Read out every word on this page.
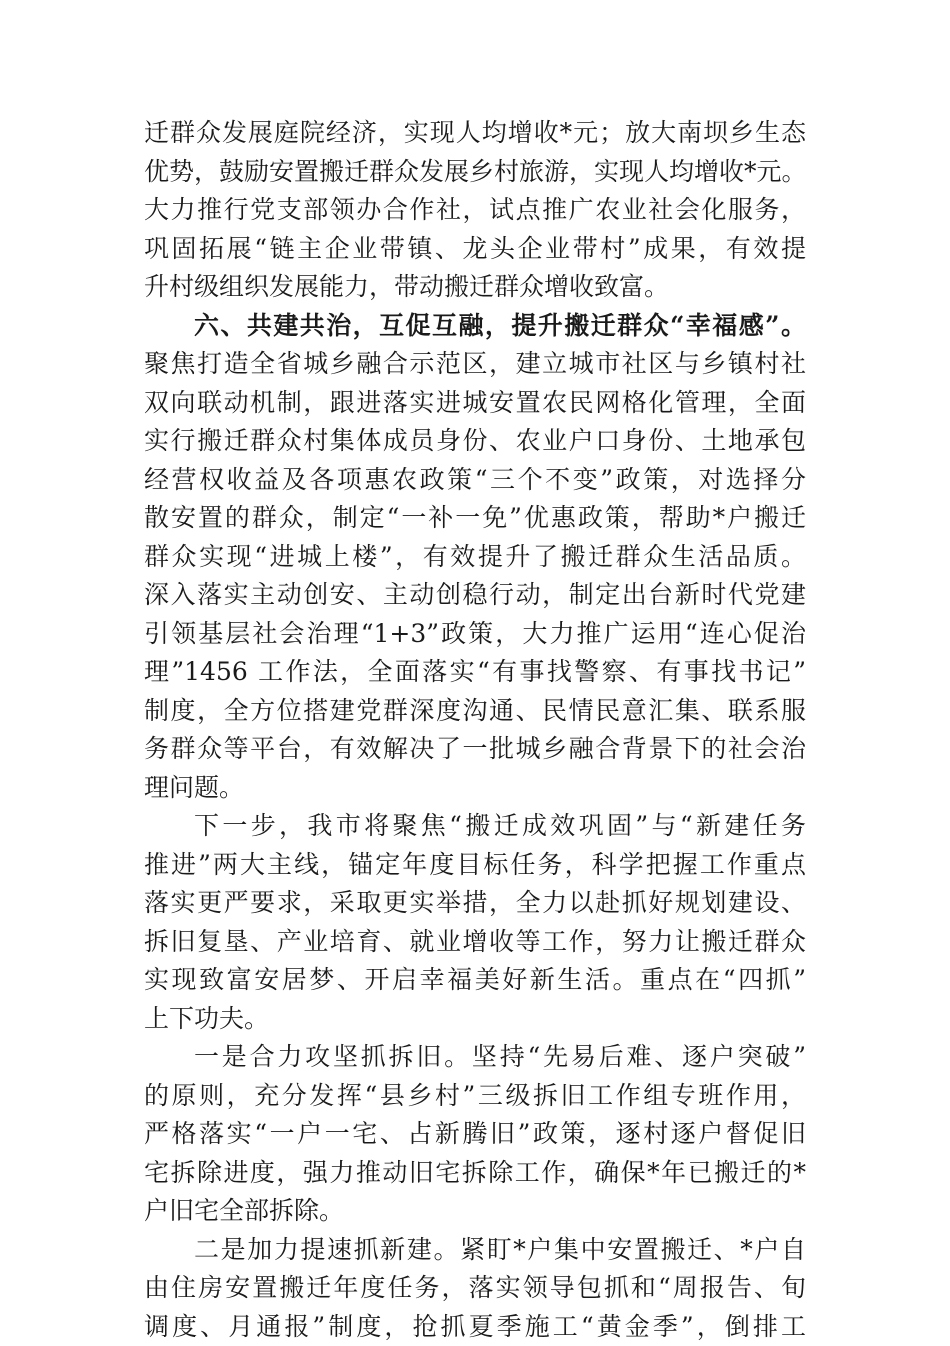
迁群众发展庭院经济，实现人均增收*元；放大南坝乡生态
优势，鼓励安置搬迁群众发展乡村旅游，实现人均增收*元。
大力推行党支部领办合作社，试点推广农业社会化服务，
巩固拓展“链主企业带镇、龙头企业带村”成果，有效提
升村级组织发展能力，带动搬迁群众增收致富。
六、共建共治，互促互融，提升搬迁群众“幸福感”。
聚焦打造全省城乡融合示范区，建立城市社区与乡镇村社
双向联动机制，跟进落实进城安置农民网格化管理，全面
实行搬迁群众村集体成员身份、农业户口身份、土地承包
经营权收益及各项惠农政策“三个不变”政策，对选择分
散安置的群众，制定“一补一免”优惠政策，帮助*户搬迁
群众实现“进城上楼”，有效提升了搬迁群众生活品质。
深入落实主动创安、主动创稳行动，制定出台新时代党建
引领基层社会治理“1+3”政策，大力推广运用“连心促治
理”1456 工作法，全面落实“有事找警察、有事找书记”
制度，全方位搭建党群深度沟通、民情民意汇集、联系服
务群众等平台，有效解决了一批城乡融合背景下的社会治
理问题。
下一步，我市将聚焦“搬迁成效巩固”与“新建任务
推进”两大主线，锚定年度目标任务，科学把握工作重点
落实更严要求，采取更实举措，全力以赴抓好规划建设、
拆旧复垦、产业培育、就业增收等工作，努力让搬迁群众
实现致富安居梦、开启幸福美好新生活。重点在“四抓”
上下功夫。
一是合力攻坚抓拆旧。坚持“先易后难、逐户突破”
的原则，充分发挥“县乡村”三级拆旧工作组专班作用，
严格落实“一户一宅、占新腾旧”政策，逐村逐户督促旧
宅拆除进度，强力推动旧宅拆除工作，确保*年已搬迁的*
户旧宅全部拆除。
二是加力提速抓新建。紧盯*户集中安置搬迁、*户自
由住房安置搬迁年度任务，落实领导包抓和“周报告、旬
调度、月通报”制度，抢抓夏季施工“黄金季”，倒排工
